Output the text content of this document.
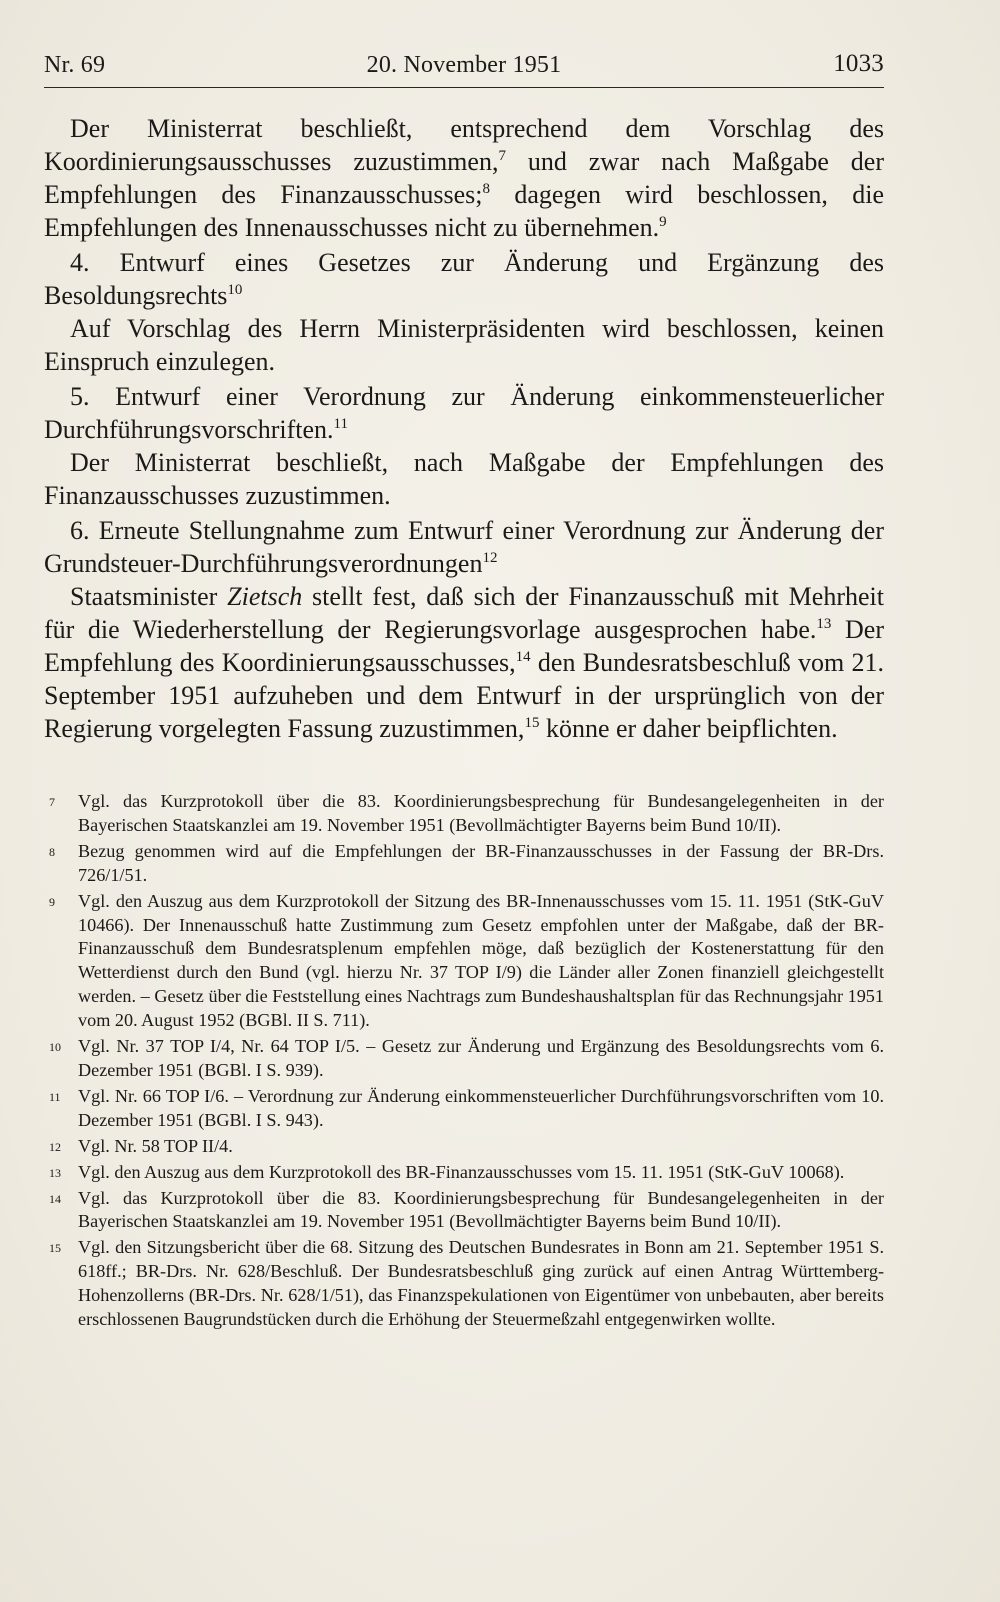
Nr. 69	20. November 1951	1033

Der Ministerrat beschließt, entsprechend dem Vorschlag des Koordinierungsausschusses zuzustimmen,$^7$ und zwar nach Maßgabe der Empfehlungen des Finanzausschusses;$^8$ dagegen wird beschlossen, die Empfehlungen des Innenausschusses nicht zu übernehmen.$^9$

4. Entwurf eines Gesetzes zur Änderung und Ergänzung des Besoldungsrechts$^{10}$

Auf Vorschlag des Herrn Ministerpräsidenten wird beschlossen, keinen Einspruch einzulegen.

5. Entwurf einer Verordnung zur Änderung einkommensteuerlicher Durchführungsvorschriften.$^{11}$

Der Ministerrat beschließt, nach Maßgabe der Empfehlungen des Finanzausschusses zuzustimmen.

6. Erneute Stellungnahme zum Entwurf einer Verordnung zur Änderung der Grundsteuer-Durchführungsverordnungen$^{12}$

Staatsminister Zietsch stellt fest, daß sich der Finanzausschuß mit Mehrheit für die Wiederherstellung der Regierungsvorlage ausgesprochen habe.$^{13}$ Der Empfehlung des Koordinierungsausschusses,$^{14}$ den Bundesratsbeschluß vom 21. September 1951 aufzuheben und dem Entwurf in der ursprünglich von der Regierung vorgelegten Fassung zuzustimmen,$^{15}$ könne er daher beipflichten.

7 Vgl. das Kurzprotokoll über die 83. Koordinierungsbesprechung für Bundesangelegenheiten in der Bayerischen Staatskanzlei am 19. November 1951 (Bevollmächtigter Bayerns beim Bund 10/II).
8 Bezug genommen wird auf die Empfehlungen der BR-Finanzausschusses in der Fassung der BR-Drs. 726/1/51.
9 Vgl. den Auszug aus dem Kurzprotokoll der Sitzung des BR-Innenausschusses vom 15. 11. 1951 (StK-GuV 10466). Der Innenausschuß hatte Zustimmung zum Gesetz empfohlen unter der Maßgabe, daß der BR-Finanzausschuß dem Bundesratsplenum empfehlen möge, daß bezüglich der Kostenerstattung für den Wetterdienst durch den Bund (vgl. hierzu Nr. 37 TOP I/9) die Länder aller Zonen finanziell gleichgestellt werden. – Gesetz über die Feststellung eines Nachtrags zum Bundeshaushaltsplan für das Rechnungsjahr 1951 vom 20. August 1952 (BGBl. II S. 711).
10 Vgl. Nr. 37 TOP I/4, Nr. 64 TOP I/5. – Gesetz zur Änderung und Ergänzung des Besoldungsrechts vom 6. Dezember 1951 (BGBl. I S. 939).
11 Vgl. Nr. 66 TOP I/6. – Verordnung zur Änderung einkommensteuerlicher Durchführungsvorschriften vom 10. Dezember 1951 (BGBl. I S. 943).
12 Vgl. Nr. 58 TOP II/4.
13 Vgl. den Auszug aus dem Kurzprotokoll des BR-Finanzausschusses vom 15. 11. 1951 (StK-GuV 10068).
14 Vgl. das Kurzprotokoll über die 83. Koordinierungsbesprechung für Bundesangelegenheiten in der Bayerischen Staatskanzlei am 19. November 1951 (Bevollmächtigter Bayerns beim Bund 10/II).
15 Vgl. den Sitzungsbericht über die 68. Sitzung des Deutschen Bundesrates in Bonn am 21. September 1951 S. 618ff.; BR-Drs. Nr. 628/Beschluß. Der Bundesratsbeschluß ging zurück auf einen Antrag Württemberg-Hohenzollerns (BR-Drs. Nr. 628/1/51), das Finanzspekulationen von Eigentümer von unbebauten, aber bereits erschlossenen Baugrundstücken durch die Erhöhung der Steuermeßzahl entgegenwirken wollte.
